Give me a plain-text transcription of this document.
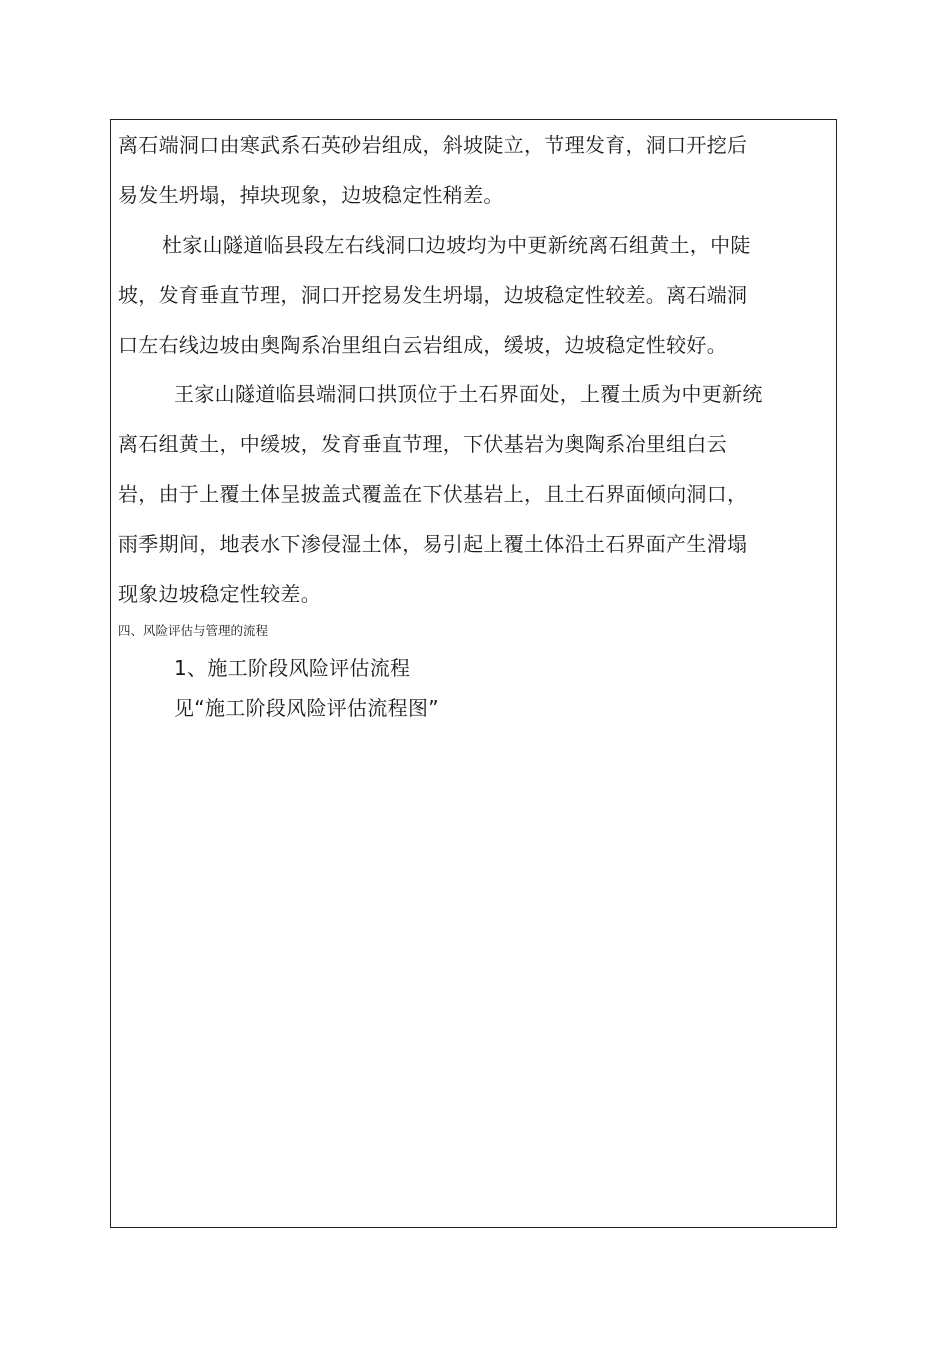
离石端洞口由寒武系石英砂岩组成，斜坡陡立，节理发育，洞口开挖后
易发生坍塌，掉块现象，边坡稳定性稍差。
杜家山隧道临县段左右线洞口边坡均为中更新统离石组黄土，中陡
坡，发育垂直节理，洞口开挖易发生坍塌，边坡稳定性较差。离石端洞
口左右线边坡由奥陶系冶里组白云岩组成，缓坡，边坡稳定性较好。
王家山隧道临县端洞口拱顶位于土石界面处，上覆土质为中更新统
离石组黄土，中缓坡，发育垂直节理，下伏基岩为奥陶系冶里组白云
岩，由于上覆土体呈披盖式覆盖在下伏基岩上，且土石界面倾向洞口，
雨季期间，地表水下渗侵湿土体，易引起上覆土体沿土石界面产生滑塌
现象边坡稳定性较差。
四、风险评估与管理的流程
1、施工阶段风险评估流程
见“施工阶段风险评估流程图”
